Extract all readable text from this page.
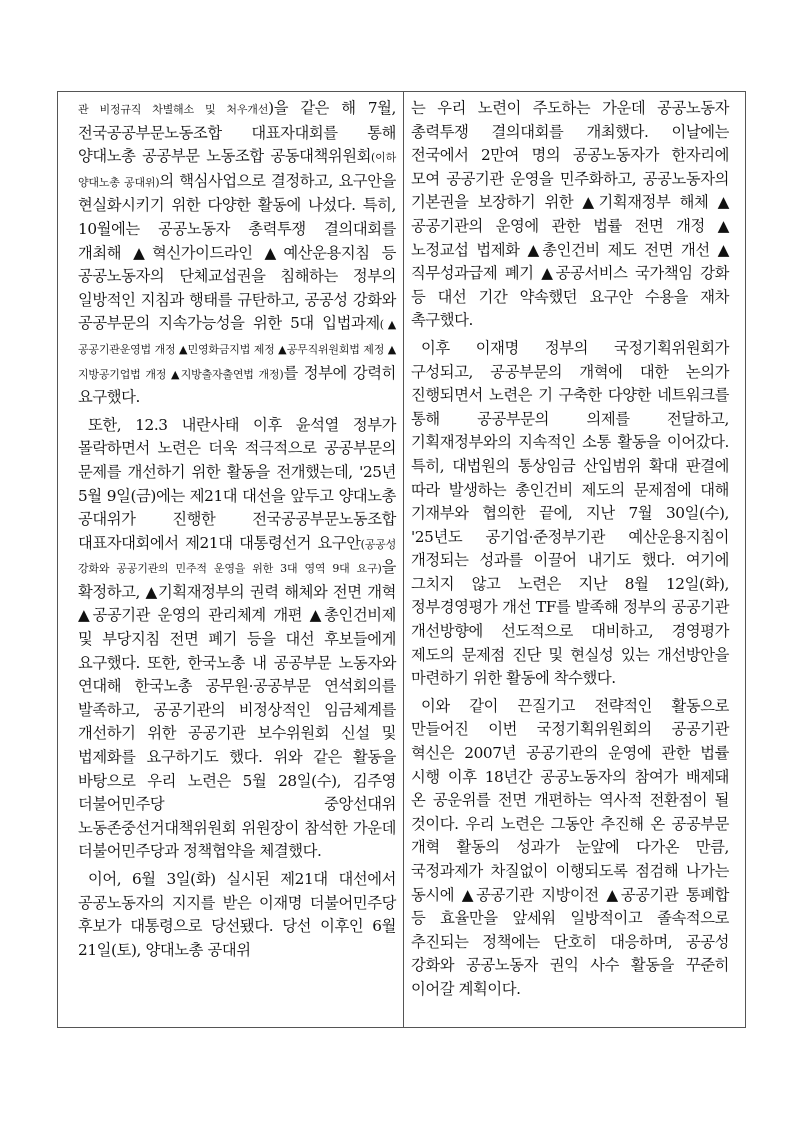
관 비정규직 차별해소 및 처우개선)을 같은 해 7월, 전국공공부문노동조합 대표자대회를 통해 양대노총 공공부문 노동조합 공동대책위원회(이하 양대노총 공대위)의 핵심사업으로 결정하고, 요구안을 현실화시키기 위한 다양한 활동에 나섰다. 특히, 10월에는 공공노동자 총력투쟁 결의대회를 개최해 ▲혁신가이드라인 ▲예산운용지침 등 공공노동자의 단체교섭권을 침해하는 정부의 일방적인 지침과 행태를 규탄하고, 공공성 강화와 공공부문의 지속가능성을 위한 5대 입법과제(▲공공기관운영법 개정 ▲민영화금지법 제정 ▲공무직위원회법 제정 ▲지방공기업법 개정 ▲지방출자출연법 개정)를 정부에 강력히 요구했다.

또한, 12.3 내란사태 이후 윤석열 정부가 몰락하면서 노련은 더욱 적극적으로 공공부문의 문제를 개선하기 위한 활동을 전개했는데, '25년 5월 9일(금)에는 제21대 대선을 앞두고 양대노총 공대위가 진행한 전국공공부문노동조합 대표자대회에서 제21대 대통령선거 요구안(공공성 강화와 공공기관의 민주적 운영을 위한 3대 영역 9대 요구)을 확정하고, ▲기획재정부의 권력 해체와 전면 개혁 ▲공공기관 운영의 관리체계 개편 ▲총인건비제 및 부당지침 전면 폐기 등을 대선 후보들에게 요구했다. 또한, 한국노총 내 공공부문 노동자와 연대해 한국노총 공무원·공공부문 연석회의를 발족하고, 공공기관의 비정상적인 임금체계를 개선하기 위한 공공기관 보수위원회 신설 및 법제화를 요구하기도 했다. 위와 같은 활동을 바탕으로 우리 노련은 5월 28일(수), 김주영 더불어민주당 중앙선대위 노동존중선거대책위원회 위원장이 참석한 가운데 더불어민주당과 정책협약을 체결했다.

이어, 6월 3일(화) 실시된 제21대 대선에서 공공노동자의 지지를 받은 이재명 더불어민주당 후보가 대통령으로 당선됐다. 당선 이후인 6월 21일(토), 양대노총 공대위

는 우리 노련이 주도하는 가운데 공공노동자 총력투쟁 결의대회를 개최했다. 이날에는 전국에서 2만여 명의 공공노동자가 한자리에 모여 공공기관 운영을 민주화하고, 공공노동자의 기본권을 보장하기 위한 ▲기획재정부 해체 ▲공공기관의 운영에 관한 법률 전면 개정 ▲노정교섭 법제화 ▲총인건비 제도 전면 개선 ▲직무성과급제 폐기 ▲공공서비스 국가책임 강화 등 대선 기간 약속했던 요구안 수용을 재차 촉구했다.

이후 이재명 정부의 국정기획위원회가 구성되고, 공공부문의 개혁에 대한 논의가 진행되면서 노련은 기 구축한 다양한 네트워크를 통해 공공부문의 의제를 전달하고, 기획재정부와의 지속적인 소통 활동을 이어갔다. 특히, 대법원의 통상임금 산입범위 확대 판결에 따라 발생하는 총인건비 제도의 문제점에 대해 기재부와 협의한 끝에, 지난 7월 30일(수), '25년도 공기업·준정부기관 예산운용지침이 개정되는 성과를 이끌어 내기도 했다. 여기에 그치지 않고 노련은 지난 8월 12일(화), 정부경영평가 개선 TF를 발족해 정부의 공공기관 개선방향에 선도적으로 대비하고, 경영평가 제도의 문제점 진단 및 현실성 있는 개선방안을 마련하기 위한 활동에 착수했다.

이와 같이 끈질기고 전략적인 활동으로 만들어진 이번 국정기획위원회의 공공기관 혁신은 2007년 공공기관의 운영에 관한 법률 시행 이후 18년간 공공노동자의 참여가 배제돼 온 공운위를 전면 개편하는 역사적 전환점이 될 것이다. 우리 노련은 그동안 추진해 온 공공부문 개혁 활동의 성과가 눈앞에 다가온 만큼, 국정과제가 차질없이 이행되도록 점검해 나가는 동시에 ▲공공기관 지방이전 ▲공공기관 통폐합 등 효율만을 앞세워 일방적이고 졸속적으로 추진되는 정책에는 단호히 대응하며, 공공성 강화와 공공노동자 권익 사수 활동을 꾸준히 이어갈 계획이다.
